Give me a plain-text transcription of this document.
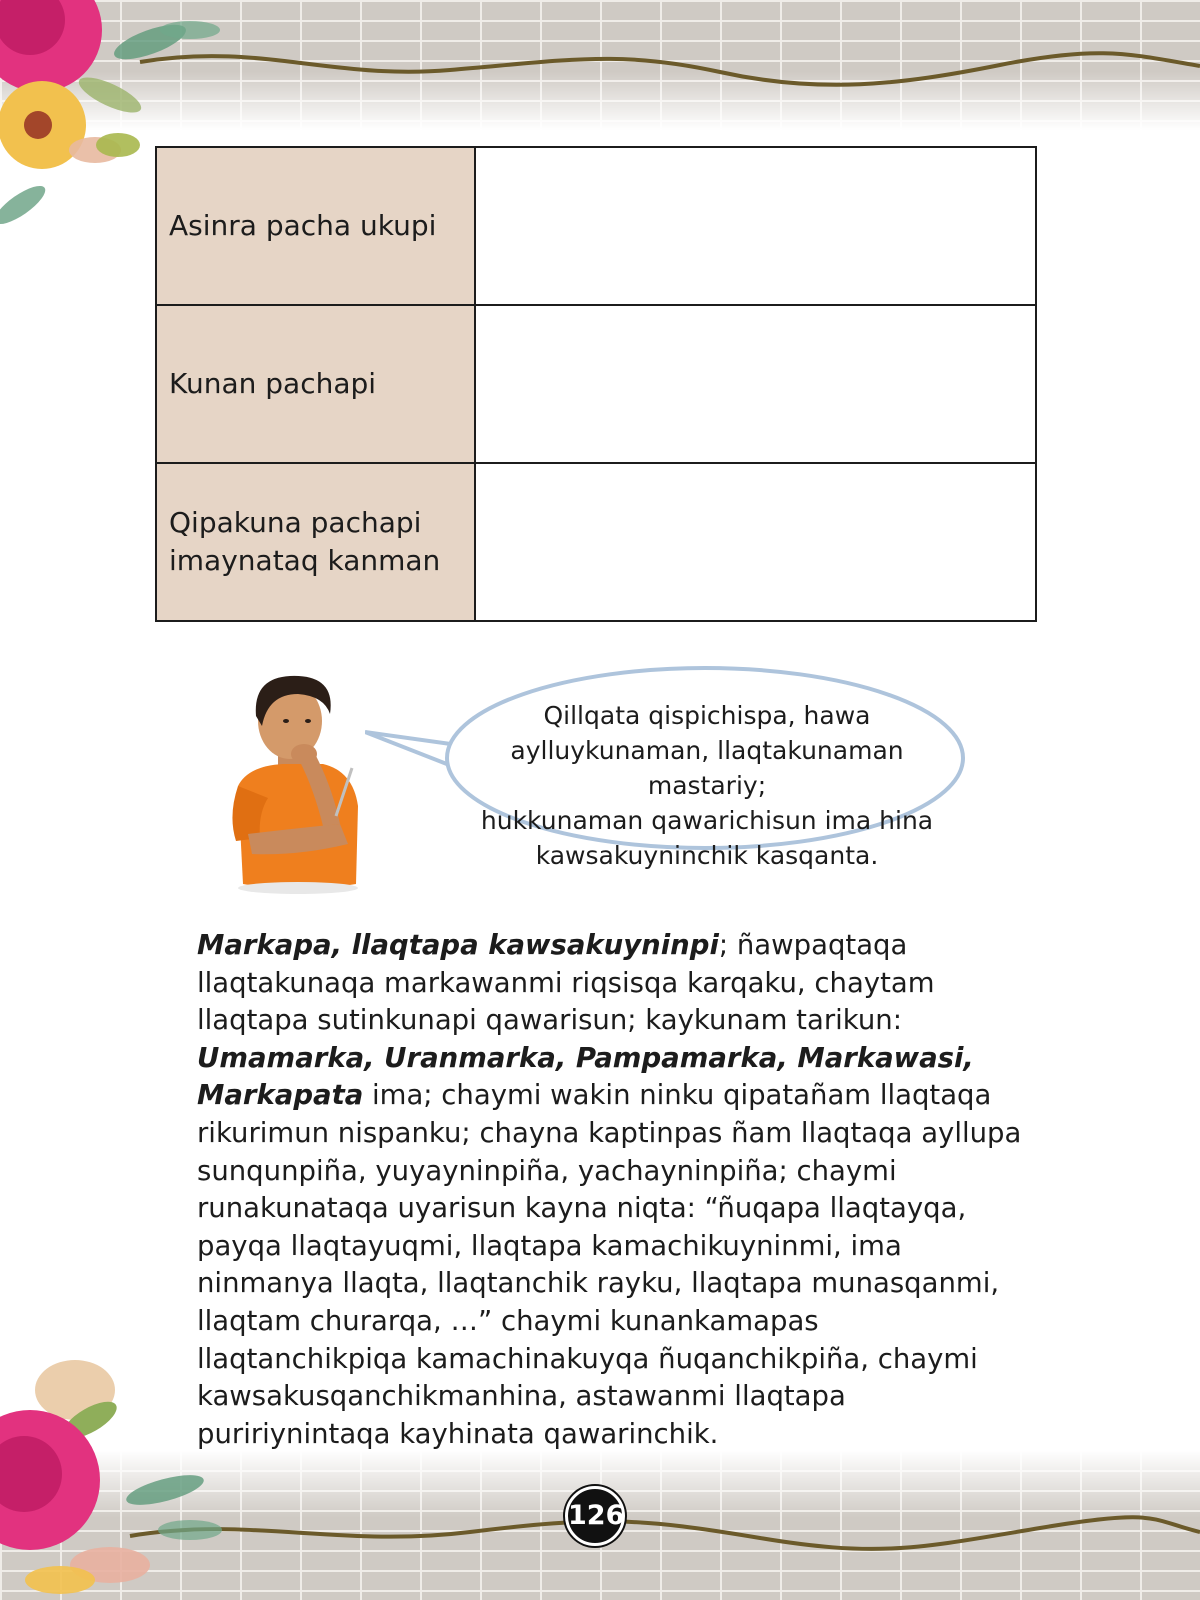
Asinra pacha ukupi	
Kunan pachapi	
Qipakuna pachapi
imaynataq kanman	
Qillqata qispichispa, hawa
aylluykunaman, llaqtakunaman mastariy;
hukkunaman qawarichisun ima hina
kawsakuyninchik kasqanta.

Markapa, llaqtapa kawsakuyninpi; ñawpaqtaqa llaqtakunaqa markawanmi riqsisqa karqaku, chaytam llaqtapa sutinkunapi qawarisun; kaykunam tarikun: Umamarka, Uranmarka, Pampamarka, Markawasi, Markapata ima; chaymi wakin ninku qipatañam llaqtaqa rikurimun nispanku; chayna kaptinpas ñam llaqtaqa ayllupa sunqunpiña, yuyayninpiña, yachayninpiña; chaymi runakunataqa uyarisun kayna niqta: “ñuqapa llaqtayqa, payqa llaqtayuqmi, llaqtapa kamachikuyninmi, ima ninmanya llaqta, llaqtanchik rayku, llaqtapa munasqanmi, llaqtam churarqa, …” chaymi kunankamapas llaqtanchikpiqa kamachinakuyqa ñuqanchikpiña, chaymi kawsakusqanchikmanhina, astawanmi llaqtapa puririynintaqa kayhinata qawarinchik.

126
